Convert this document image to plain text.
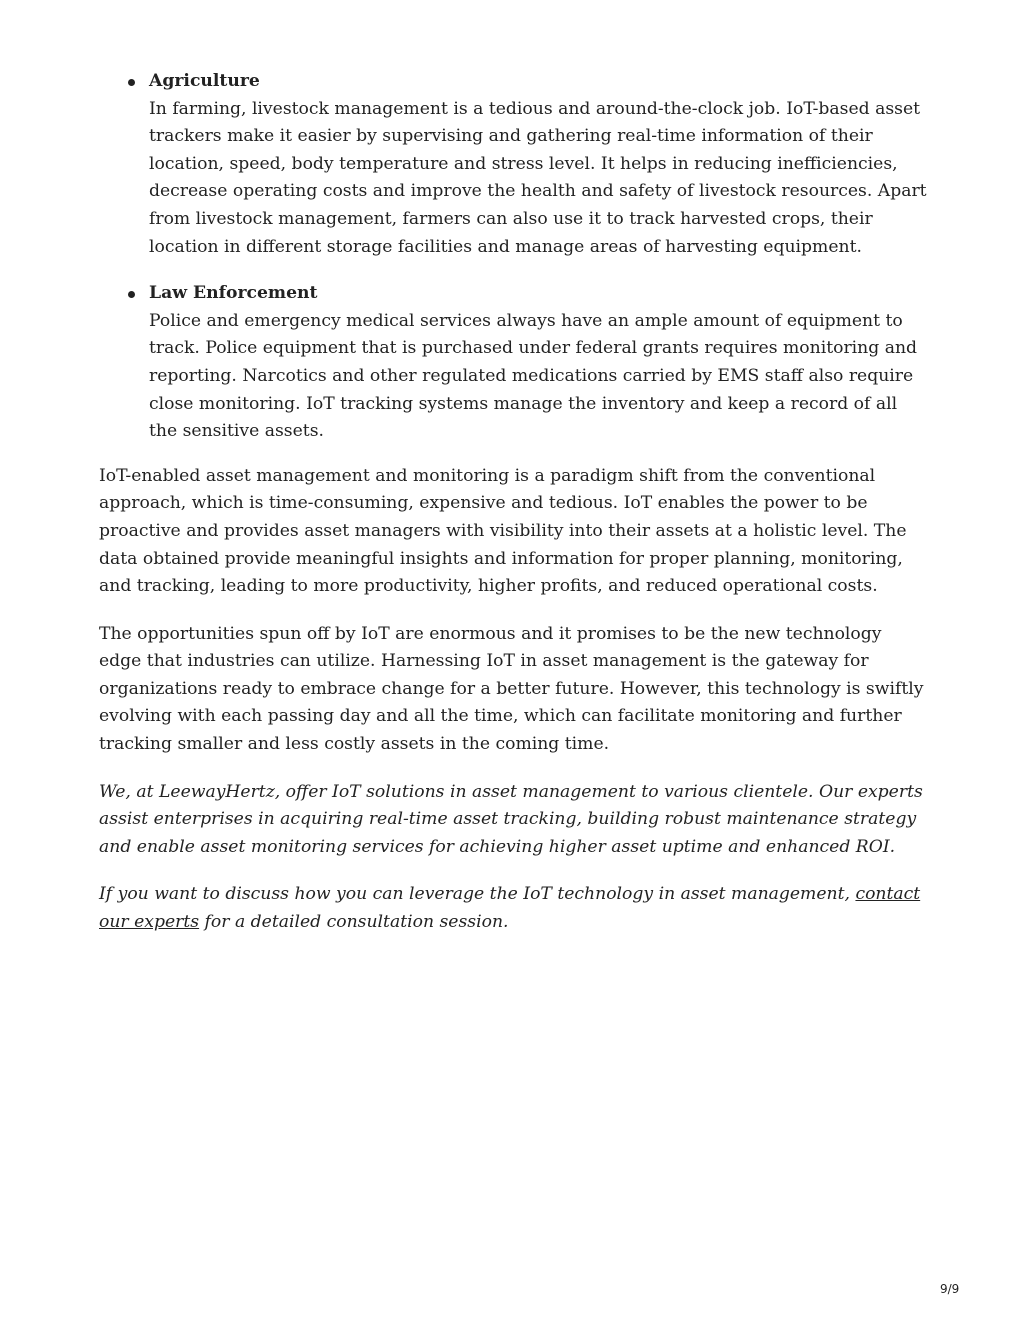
Agriculture
In farming, livestock management is a tedious and around-the-clock job. IoT-based asset trackers make it easier by supervising and gathering real-time information of their location, speed, body temperature and stress level. It helps in reducing inefficiencies, decrease operating costs and improve the health and safety of livestock resources. Apart from livestock management, farmers can also use it to track harvested crops, their location in different storage facilities and manage areas of harvesting equipment.
Law Enforcement
Police and emergency medical services always have an ample amount of equipment to track. Police equipment that is purchased under federal grants requires monitoring and reporting. Narcotics and other regulated medications carried by EMS staff also require close monitoring. IoT tracking systems manage the inventory and keep a record of all the sensitive assets.

IoT-enabled asset management and monitoring is a paradigm shift from the conventional approach, which is time-consuming, expensive and tedious. IoT enables the power to be proactive and provides asset managers with visibility into their assets at a holistic level. The data obtained provide meaningful insights and information for proper planning, monitoring, and tracking, leading to more productivity, higher profits, and reduced operational costs.

The opportunities spun off by IoT are enormous and it promises to be the new technology edge that industries can utilize. Harnessing IoT in asset management is the gateway for organizations ready to embrace change for a better future. However, this technology is swiftly evolving with each passing day and all the time, which can facilitate monitoring and further tracking smaller and less costly assets in the coming time.

We, at LeewayHertz, offer IoT solutions in asset management to various clientele. Our experts assist enterprises in acquiring real-time asset tracking, building robust maintenance strategy and enable asset monitoring services for achieving higher asset uptime and enhanced ROI.

If you want to discuss how you can leverage the IoT technology in asset management, contact our experts for a detailed consultation session.

9/9
